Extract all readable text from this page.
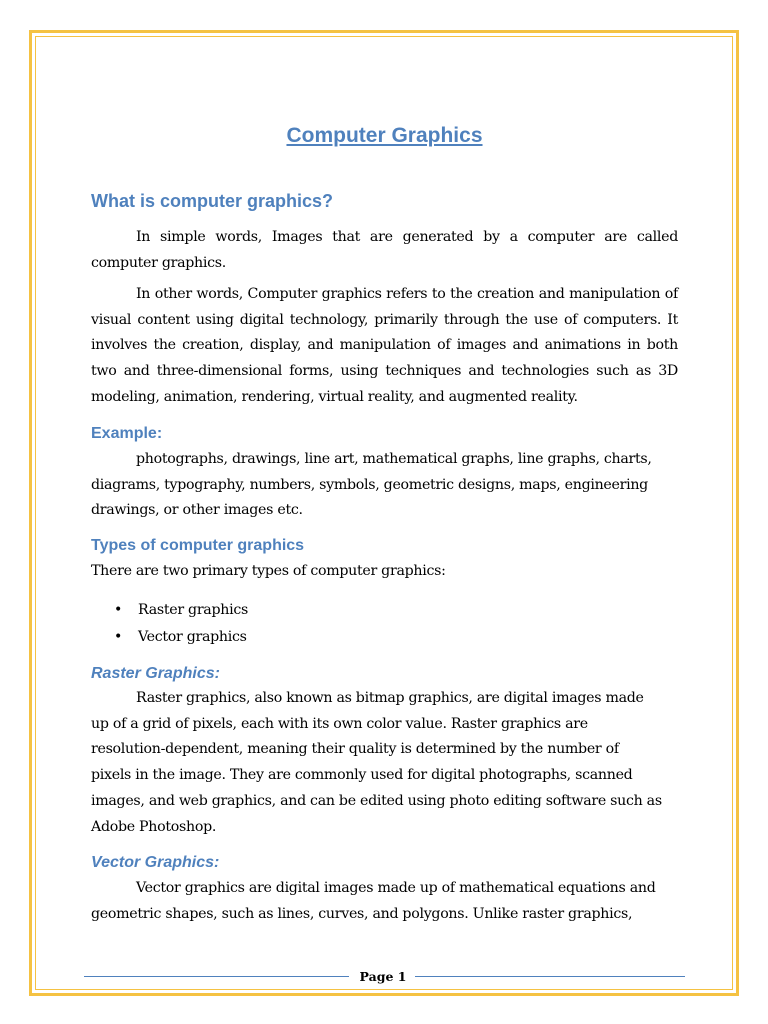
Computer Graphics
What is computer graphics?

In simple words, Images that are generated by a computer are called computer graphics.

In other words, Computer graphics refers to the creation and manipulation of visual content using digital technology, primarily through the use of computers. It involves the creation, display, and manipulation of images and animations in both two and three-dimensional forms, using techniques and technologies such as 3D modeling, animation, rendering, virtual reality, and augmented reality.

Example:

photographs, drawings, line art, mathematical graphs, line graphs, charts, diagrams, typography, numbers, symbols, geometric designs, maps, engineering drawings, or other images etc.

Types of computer graphics

There are two primary types of computer graphics:

• Raster graphics
• Vector graphics
Raster Graphics:

Raster graphics, also known as bitmap graphics, are digital images made up of a grid of pixels, each with its own color value. Raster graphics are resolution-dependent, meaning their quality is determined by the number of pixels in the image. They are commonly used for digital photographs, scanned images, and web graphics, and can be edited using photo editing software such as Adobe Photoshop.

Vector Graphics:

Vector graphics are digital images made up of mathematical equations and geometric shapes, such as lines, curves, and polygons. Unlike raster graphics,

Page 1
